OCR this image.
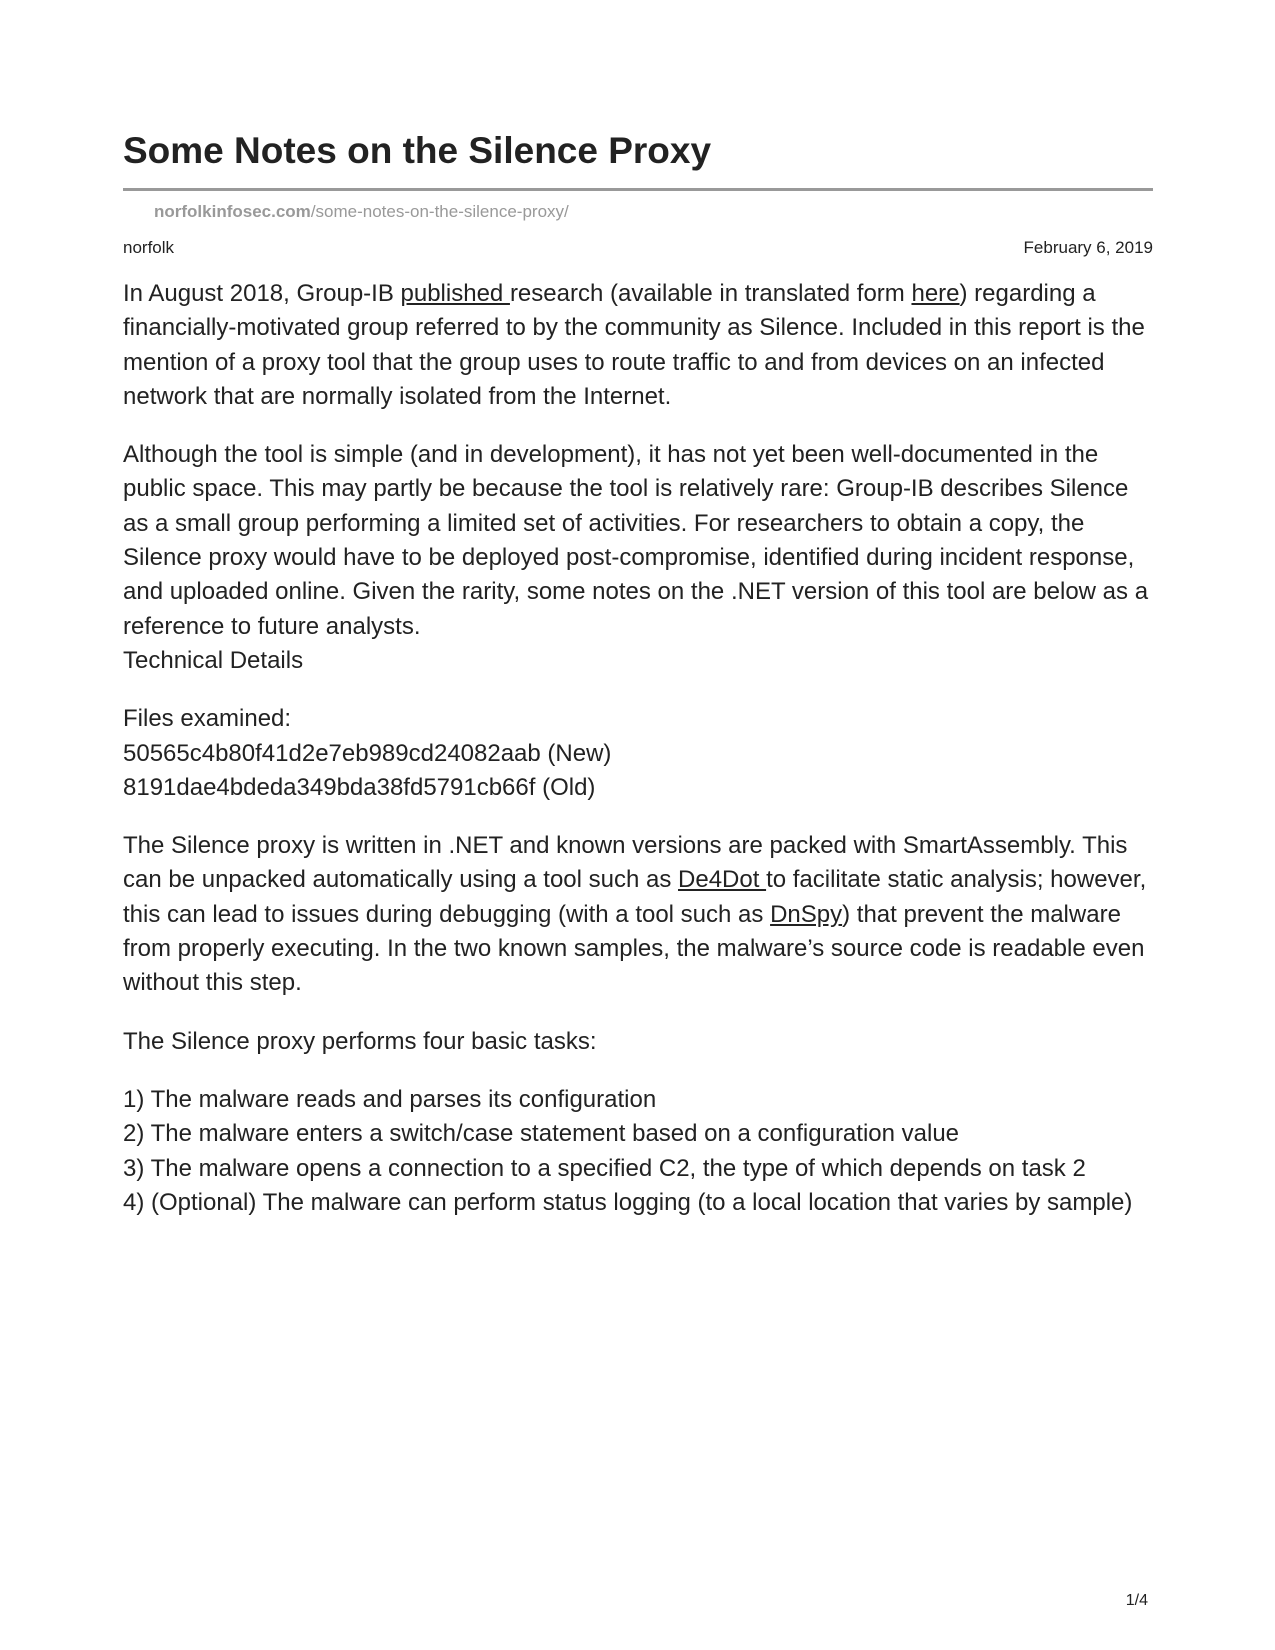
Some Notes on the Silence Proxy
norfolkinfosec.com/some-notes-on-the-silence-proxy/
norfolk	February 6, 2019

In August 2018, Group-IB published research (available in translated form here) regarding a financially-motivated group referred to by the community as Silence. Included in this report is the mention of a proxy tool that the group uses to route traffic to and from devices on an infected network that are normally isolated from the Internet.

Although the tool is simple (and in development), it has not yet been well-documented in the public space. This may partly be because the tool is relatively rare: Group-IB describes Silence as a small group performing a limited set of activities. For researchers to obtain a copy, the Silence proxy would have to be deployed post-compromise, identified during incident response, and uploaded online. Given the rarity, some notes on the .NET version of this tool are below as a reference to future analysts.
Technical Details

Files examined:
50565c4b80f41d2e7eb989cd24082aab (New)
8191dae4bdeda349bda38fd5791cb66f (Old)

The Silence proxy is written in .NET and known versions are packed with SmartAssembly. This can be unpacked automatically using a tool such as De4Dot to facilitate static analysis; however, this can lead to issues during debugging (with a tool such as DnSpy) that prevent the malware from properly executing. In the two known samples, the malware’s source code is readable even without this step.

The Silence proxy performs four basic tasks:

1) The malware reads and parses its configuration
2) The malware enters a switch/case statement based on a configuration value
3) The malware opens a connection to a specified C2, the type of which depends on task 2
4) (Optional) The malware can perform status logging (to a local location that varies by sample)

1/4
